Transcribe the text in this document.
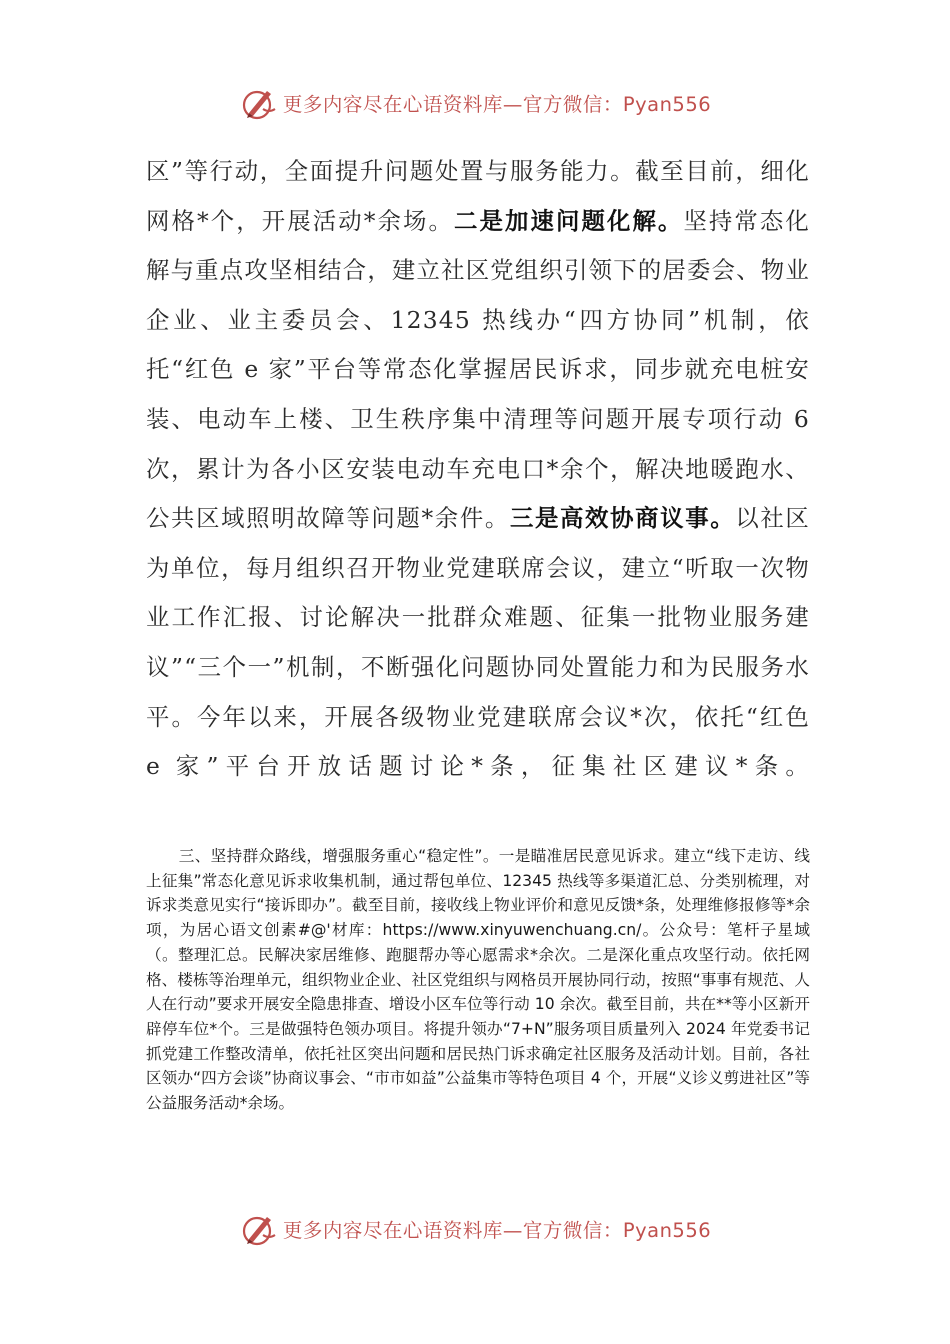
更多内容尽在心语资料库—官方微信：Pyan556
区”等行动，全面提升问题处置与服务能力。截至目前，细化网格*个，开展活动*余场。二是加速问题化解。坚持常态化解与重点攻坚相结合，建立社区党组织引领下的居委会、物业企业、业主委员会、12345 热线办“四方协同”机制，依托“红色 e 家”平台等常态化掌握居民诉求，同步就充电桩安装、电动车上楼、卫生秩序集中清理等问题开展专项行动 6 次，累计为各小区安装电动车充电口*余个，解决地暖跑水、公共区域照明故障等问题*余件。三是高效协商议事。以社区为单位，每月组织召开物业党建联席会议，建立“听取一次物业工作汇报、讨论解决一批群众难题、征集一批物业服务建议”“三个一”机制，不断强化问题协同处置能力和为民服务水平。今年以来，开展各级物业党建联席会议*次，依托“红色 e 家”平台开放话题讨论*条，征集社区建议*条。
三、坚持群众路线，增强服务重心“稳定性”。一是瞄准居民意见诉求。建立“线下走访、线上征集”常态化意见诉求收集机制，通过帮包单位、12345 热线等多渠道汇总、分类别梳理，对诉求类意见实行“接诉即办”。截至目前，接收线上物业评价和意见反馈*条，处理维修报修等*余项，为居心语文创素#@'材库：https://www.xinyuwenchuang.cn/。公众号：笔杆子星域（。整理汇总。民解决家居维修、跑腿帮办等心愿需求*余次。二是深化重点攻坚行动。依托网格、楼栋等治理单元，组织物业企业、社区党组织与网格员开展协同行动，按照“事事有规范、人人在行动”要求开展安全隐患排查、增设小区车位等行动 10 余次。截至目前，共在**等小区新开辟停车位*个。三是做强特色领办项目。将提升领办“7+N”服务项目质量列入 2024 年党委书记抓党建工作整改清单，依托社区突出问题和居民热门诉求确定社区服务及活动计划。目前，各社区领办“四方会谈”协商议事会、“市市如益”公益集市等特色项目 4 个，开展“义诊义剪进社区”等公益服务活动*余场。
更多内容尽在心语资料库—官方微信：Pyan556
